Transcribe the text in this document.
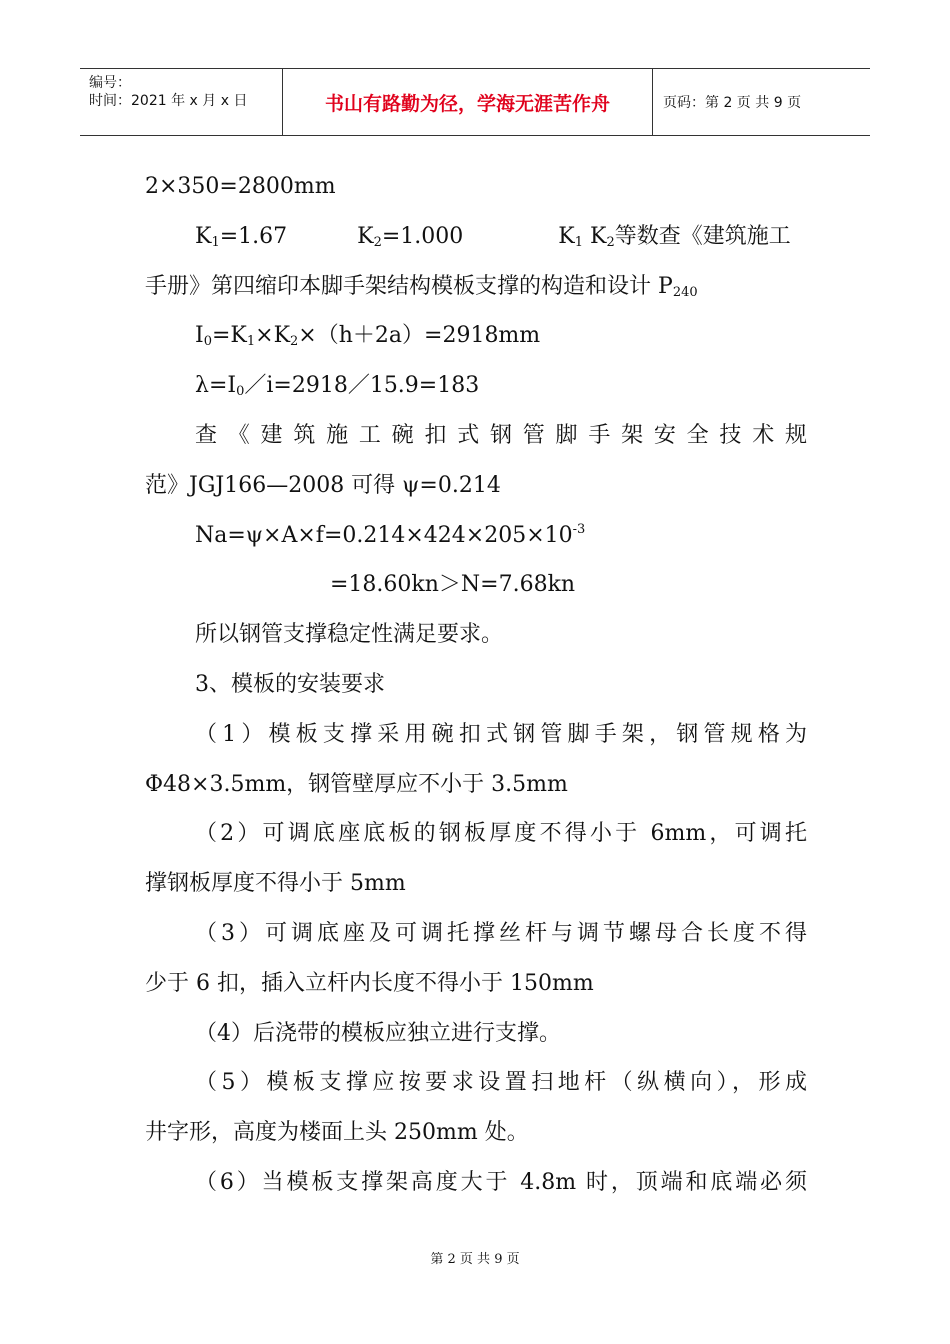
编号：
时间：2021 年 x 月 x 日	书山有路勤为径，学海无涯苦作舟	页码：第 2 页 共 9 页
2×350=2800mm
$K_1=1.67$	$K_2=1.000$	$K_1$ $K_2$等数查《建筑施工
手册》第四缩印本脚手架结构模板支撑的构造和设计 $P_{240}$
$I_0=K_1\times K_2\times(h+2a)=2918mm$
$\lambda=I_0/i=2918/15.9=183$
查《建筑施工碗扣式钢管脚手架安全技术规
范》JGJ166—2008 可得 ψ=0.214
$Na=\psi\times A\times f=0.214\times 424\times 205\times 10^{-3}$
=18.60kn＞N=7.68kn
所以钢管支撑稳定性满足要求。
3、模板的安装要求
（1）模板支撑采用碗扣式钢管脚手架，钢管规格为
Φ48×3.5mm，钢管壁厚应不小于 3.5mm
（2）可调底座底板的钢板厚度不得小于 6mm，可调托
撑钢板厚度不得小于 5mm
（3）可调底座及可调托撑丝杆与调节螺母合长度不得
少于 6 扣，插入立杆内长度不得小于 150mm
（4）后浇带的模板应独立进行支撑。
（5）模板支撑应按要求设置扫地杆（纵横向），形成
井字形，高度为楼面上头 250mm 处。
（6）当模板支撑架高度大于 4.8m 时，顶端和底端必须
第 2 页 共 9 页
